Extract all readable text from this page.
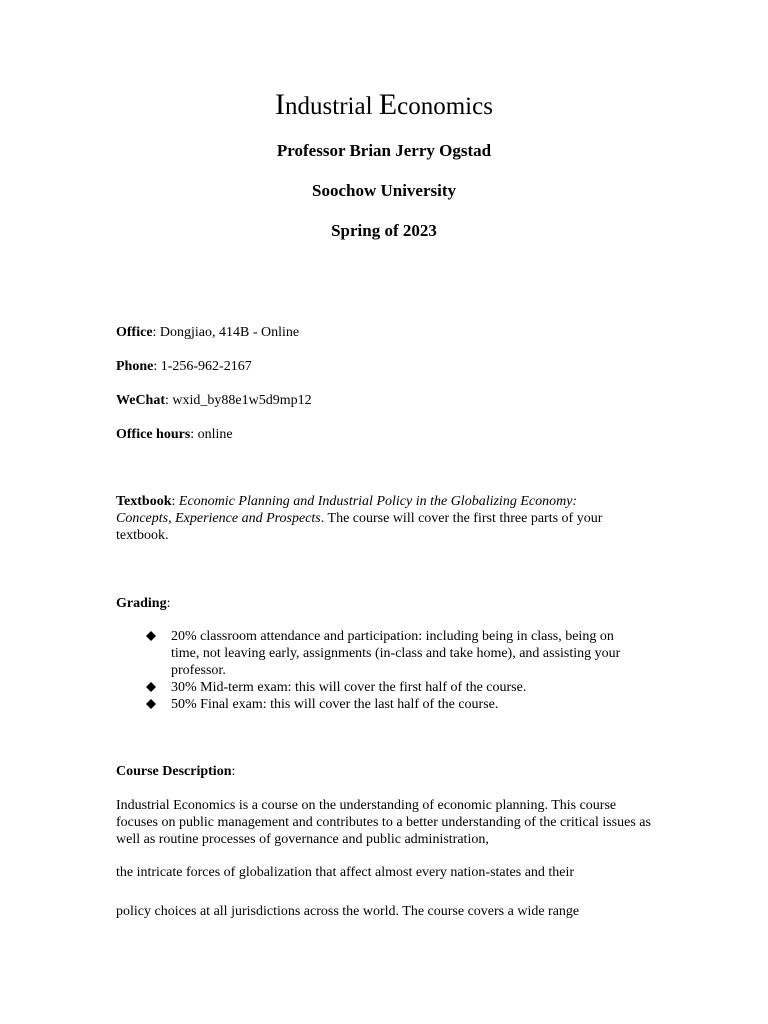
Industrial Economics
Professor Brian Jerry Ogstad
Soochow University
Spring of 2023
Office: Dongjiao, 414B - Online
Phone: 1-256-962-2167
WeChat: wxid_by88e1w5d9mp12
Office hours: online
Textbook: Economic Planning and Industrial Policy in the Globalizing Economy: Concepts, Experience and Prospects. The course will cover the first three parts of your textbook.
Grading:
20% classroom attendance and participation: including being in class, being on time, not leaving early, assignments (in-class and take home), and assisting your professor.
30% Mid-term exam: this will cover the first half of the course.
50% Final exam: this will cover the last half of the course.
Course Description:
Industrial Economics is a course on the understanding of economic planning. This course focuses on public management and contributes to a better understanding of the critical issues as well as routine processes of governance and public administration,
the intricate forces of globalization that affect almost every nation-states and their
policy choices at all jurisdictions across the world. The course covers a wide range
